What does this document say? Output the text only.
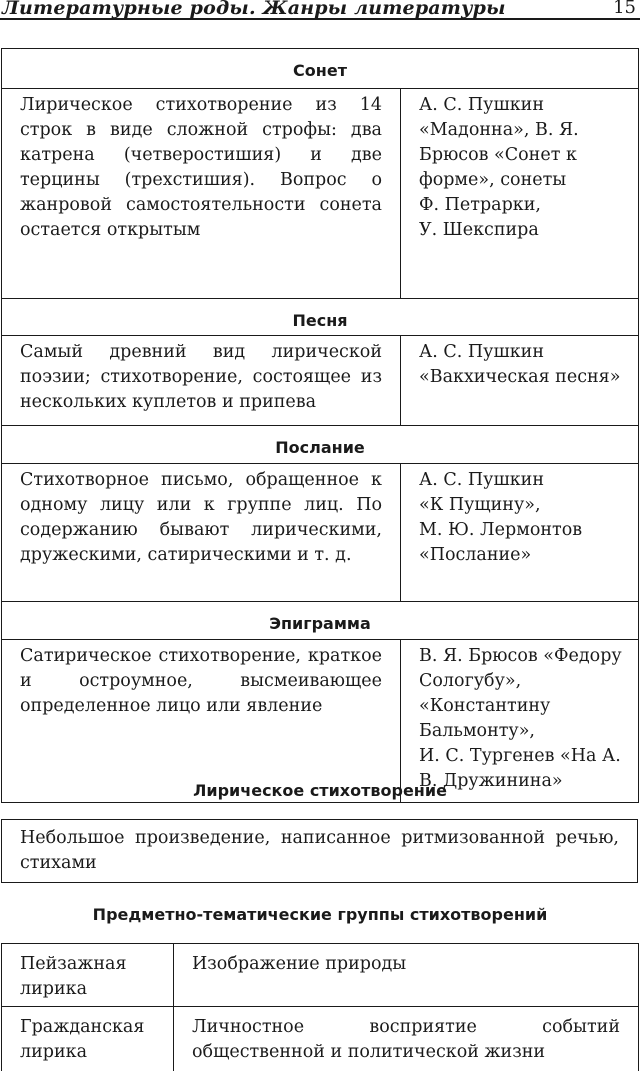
Литературные роды. Жанры литературы	15
Сонет	
Лирическое стихотворение из 14 строк в виде сложной строфы: два катрена (четверостишия) и две терцины (трехстишия). Вопрос о жанровой самостоятельности сонета остается открытым	А. С. Пушкин «Мадонна», В. Я. Брюсов «Сонет к форме», сонеты
Ф. Петрарки,
У. Шекспира

Песня	
Самый древний вид лирической поэзии; стихотворение, состоящее из нескольких куплетов и припева	А. С. Пушкин
«Вакхическая песня»

Послание	
Стихотворное письмо, обращенное к одному лицу или к группе лиц. По содержанию бывают лирическими, дружескими, сатирическими и т. д.	А. С. Пушкин
«К Пущину»,
М. Ю. Лермонтов
«Послание»

Эпиграмма	
Сатирическое стихотворение, краткое и остроумное, высмеивающее определенное лицо или явление	В. Я. Брюсов «Федору Сологубу»,
«Константину Бальмонту»,
И. С. Тургенев «На А. В. Дружинина»
Лирическое стихотворение
Небольшое произведение, написанное ритмизованной речью, стихами
Предметно-тематические группы стихотворений
Пейзажная лирика	Изображение природы
Гражданская лирика	Личностное восприятие событий общественной и политической жизни
